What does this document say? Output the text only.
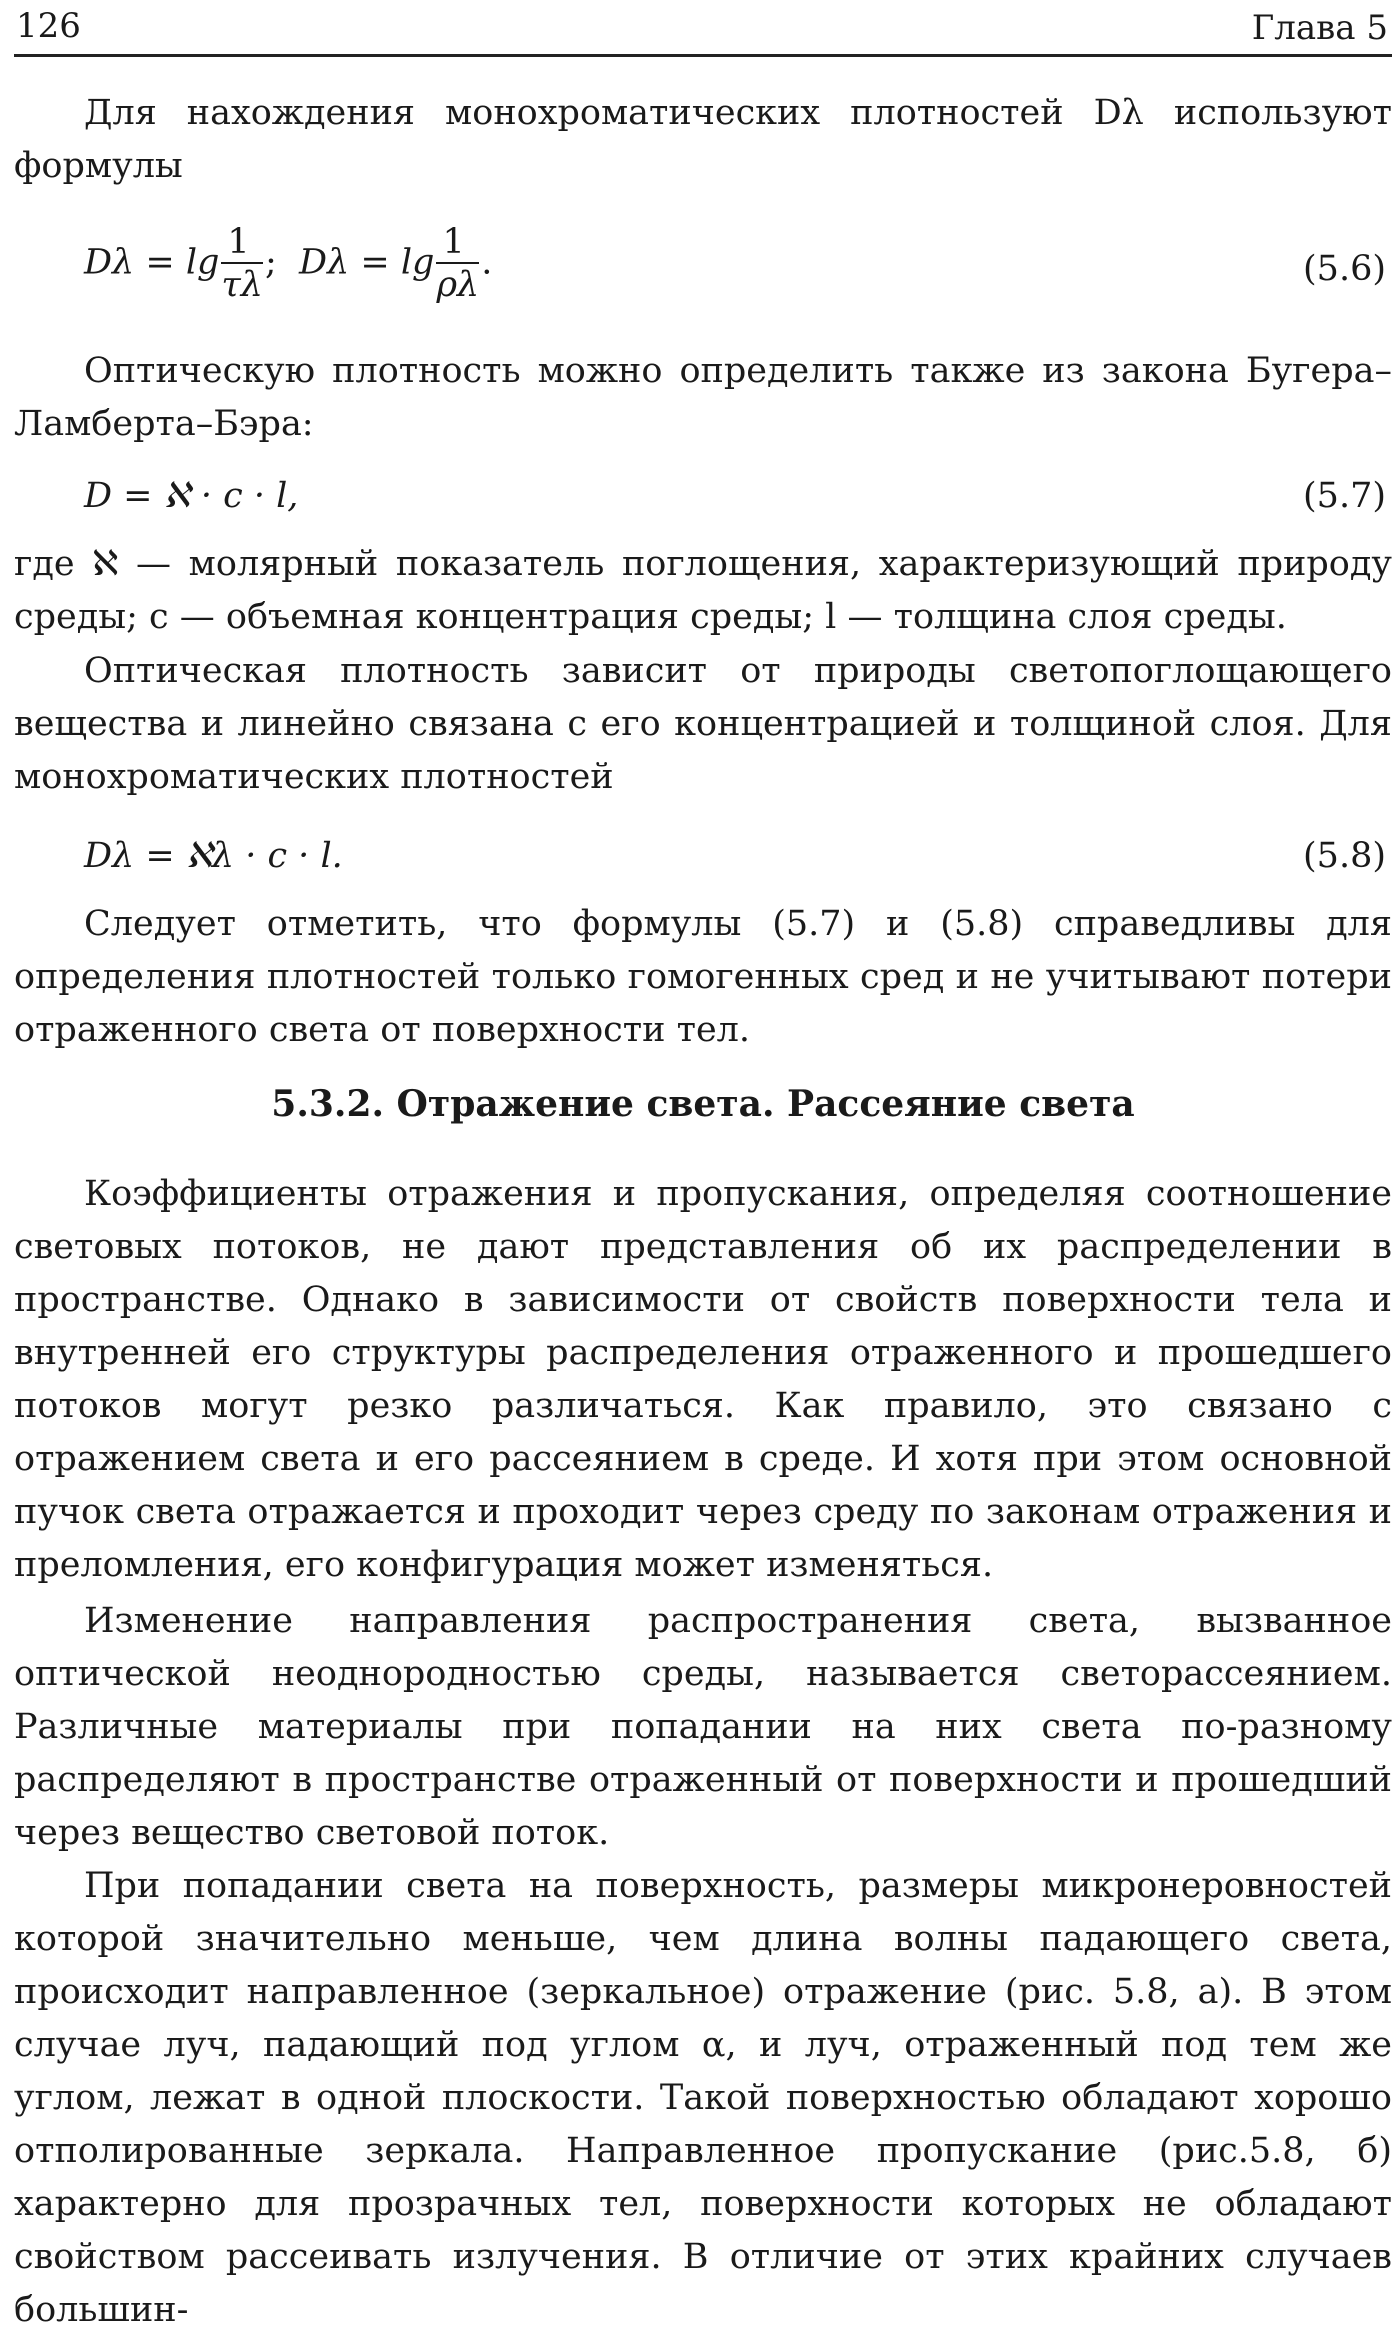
126	Глава 5

Для нахождения монохроматических плотностей Dλ используют формулы

$D\lambda = \lg \frac{1}{\tau\lambda}$ ; $D\lambda = \lg \frac{1}{\rho\lambda}$ .	(5.6)

Оптическую плотность можно определить также из закона Бугера–Ламберта–Бэра:

D = ℵ · c · l,	(5.7)

где ℵ — молярный показатель поглощения, характеризующий природу среды; c — объемная концентрация среды; l — толщина слоя среды.

Оптическая плотность зависит от природы светопоглощающего вещества и линейно связана с его концентрацией и толщиной слоя. Для монохроматических плотностей

Dλ = ℵλ · c · l.	(5.8)

Следует отметить, что формулы (5.7) и (5.8) справедливы для определения плотностей только гомогенных сред и не учитывают потери отраженного света от поверхности тел.

5.3.2. Отражение света. Рассеяние света

Коэффициенты отражения и пропускания, определяя соотношение световых потоков, не дают представления об их распределении в пространстве. Однако в зависимости от свойств поверхности тела и внутренней его структуры распределения отраженного и прошедшего потоков могут резко различаться. Как правило, это связано с отражением света и его рассеянием в среде. И хотя при этом основной пучок света отражается и проходит через среду по законам отражения и преломления, его конфигурация может изменяться.

Изменение направления распространения света, вызванное оптической неоднородностью среды, называется светорассеянием. Различные материалы при попадании на них света по-разному распределяют в пространстве отраженный от поверхности и прошедший через вещество световой поток.

При попадании света на поверхность, размеры микронеровностей которой значительно меньше, чем длина волны падающего света, происходит направленное (зеркальное) отражение (рис. 5.8, а). В этом случае луч, падающий под углом α, и луч, отраженный под тем же углом, лежат в одной плоскости. Такой поверхностью обладают хорошо отполированные зеркала. Направленное пропускание (рис.5.8, б) характерно для прозрачных тел, поверхности которых не обладают свойством рассеивать излучения. В отличие от этих крайних случаев большин-
